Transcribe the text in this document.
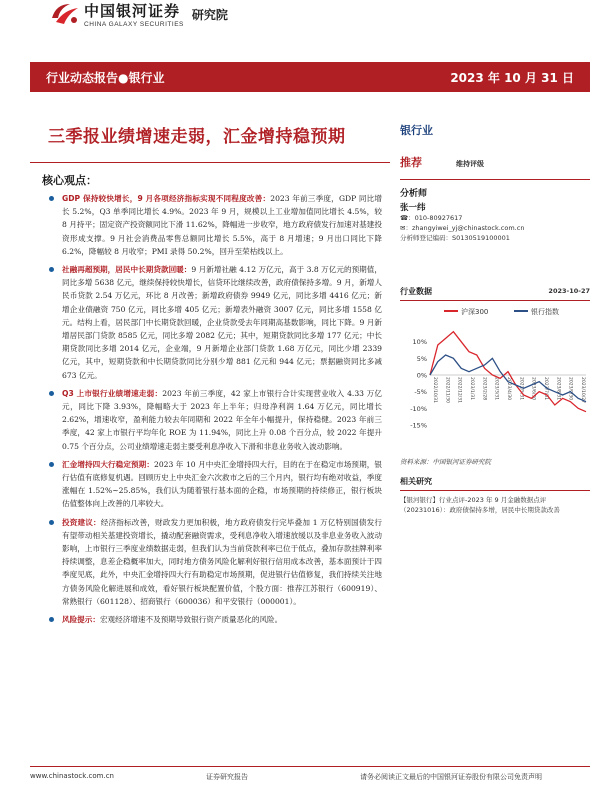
中国银河证券
CHINA GALAXY SECURITIES
研究院
行业动态报告●银行业	2023 年 10 月 31 日
三季报业绩增速走弱，汇金增持稳预期
核心观点：
GDP 保持较快增长，9 月各项经济指标实现不同程度改善：2023 年前三季度，GDP 同比增长 5.2%，Q3 单季同比增长 4.9%。2023 年 9 月，规模以上工业增加值同比增长 4.5%，较 8 月持平；固定资产投资额同比下滑 11.62%，降幅进一步收窄，地方政府债发行加速对基建投资形成支撑。9 月社会消费品零售总额同比增长 5.5%，高于 8 月增速；9 月出口同比下降 6.2%，降幅较 8 月收窄；PMI 录得 50.2%，回升至荣枯线以上。
社融再超预期，居民中长期贷款回暖：9 月新增社融 4.12 万亿元，高于 3.8 万亿元的预期值，同比多增 5638 亿元，继续保持较快增长，信贷环比继续改善，政府债保持多增。9 月，新增人民币贷款 2.54 万亿元，环比 8 月改善；新增政府债券 9949 亿元，同比多增 4416 亿元；新增企业债融资 750 亿元，同比多增 405 亿元；新增表外融资 3007 亿元，同比多增 1558 亿元。结构上看，居民部门中长期贷款回暖，企业贷款受去年同期高基数影响，同比下降。9 月新增居民部门贷款 8585 亿元，同比多增 2082 亿元；其中，短期贷款同比多增 177 亿元；中长期贷款同比多增 2014 亿元，企业端，9 月新增企业部门贷款 1.68 万亿元，同比少增 2339 亿元，其中，短期贷款和中长期贷款同比分别少增 881 亿元和 944 亿元；票据融资同比多减 673 亿元。
Q3 上市银行业绩增速走弱：2023 年前三季度，42 家上市银行合计实现营业收入 4.33 万亿元，同比下降 3.93%，降幅略大于 2023 年上半年；归母净利润 1.64 万亿元，同比增长 2.62%，增速收窄，盈利能力较去年同期和 2022 年全年小幅提升，保持稳健。2023 年前三季度，42 家上市银行平均年化 ROE 为 11.94%，同比上升 0.08 个百分点，较 2022 年提升 0.75 个百分点，公司业绩增速走弱主要受利息净收入下滑和非息业务收入波动影响。
汇金增持四大行稳定预期：2023 年 10 月中央汇金增持四大行，目的在于在稳定市场预期，银行估值有底修复机遇。回顾历史上中央汇金六次救市之后的三个月内，银行均有绝对收益，季度涨幅在 1.52%~25.85%，我们认为随着银行基本面的企稳，市场预期的持续修正，银行板块估值整体向上改善的几率较大。
投资建议：经济指标改善，财政发力更加积极，地方政府债发行完毕叠加 1 万亿特别国债发行有望带动相关基建投资增长，撬动配套融资需求，受利息净收入增速放缓以及非息业务收入波动影响，上市银行三季度业绩数据走弱，但我们认为当前贷款利率已位于低点，叠加存款挂牌利率持续调整，息差企稳概率加大，同时地方债务风险化解利好银行信用成本改善，基本面预计于四季度见底，此外，中央汇金增持四大行有助稳定市场预期，促进银行估值修复，我们持续关注地方债务风险化解进展和成效，看好银行板块配置价值，个股方面：推荐江苏银行（600919）、常熟银行（601128）、招商银行（600036）和平安银行（000001）。
风险提示：宏观经济增速不及预期导致银行资产质量恶化的风险。
银行业
推荐	维持评级
分析师
张一纬
☎：010-80927617
✉：zhangyiwei_yj@chinastock.com.cn
分析师登记编码：S0130519100001
行业数据	2023-10-27
沪深300	银行指数
10%
5%
0%
-5%
-10%
-15%
2022/10/31 2022/11/30 2022/12/31 2023/1/31 2023/2/28 2023/3/31 2023/4/30 2023/5/31 2023/6/30 2023/7/31 2023/8/31 2023/9/30 2023/10/27
资料来源：中国银河证券研究院
相关研究
【银河银行】行业点评-2023 年 9 月金融数据点评（20231016）：政府债保持多增，居民中长期贷款改善
www.chinastock.com.cn	证券研究报告	请务必阅读正文最后的中国银河证券股份有限公司免责声明
